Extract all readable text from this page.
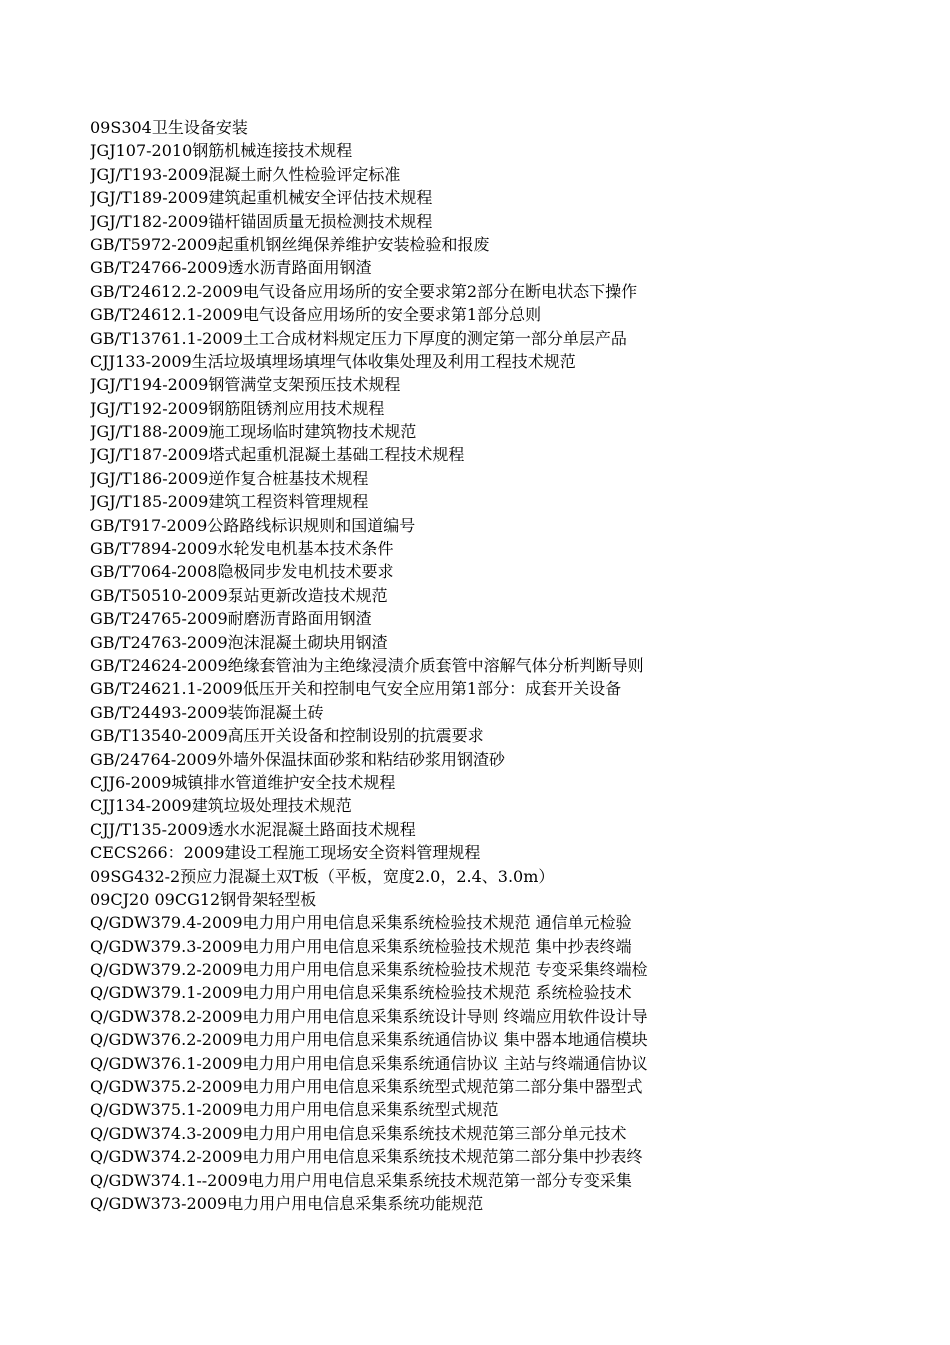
09S304卫生设备安装
JGJ107-2010钢筋机械连接技术规程
JGJ/T193-2009混凝土耐久性检验评定标准
JGJ/T189-2009建筑起重机械安全评估技术规程
JGJ/T182-2009锚杆锚固质量无损检测技术规程
GB/T5972-2009起重机钢丝绳保养维护安装检验和报废
GB/T24766-2009透水沥青路面用钢渣
GB/T24612.2-2009电气设备应用场所的安全要求第2部分在断电状态下操作
GB/T24612.1-2009电气设备应用场所的安全要求第1部分总则
GB/T13761.1-2009土工合成材料规定压力下厚度的测定第一部分单层产品
CJJ133-2009生活垃圾填埋场填埋气体收集处理及利用工程技术规范
JGJ/T194-2009钢管满堂支架预压技术规程
JGJ/T192-2009钢筋阻锈剂应用技术规程
JGJ/T188-2009施工现场临时建筑物技术规范
JGJ/T187-2009塔式起重机混凝土基础工程技术规程
JGJ/T186-2009逆作复合桩基技术规程
JGJ/T185-2009建筑工程资料管理规程
GB/T917-2009公路路线标识规则和国道编号
GB/T7894-2009水轮发电机基本技术条件
GB/T7064-2008隐极同步发电机技术要求
GB/T50510-2009泵站更新改造技术规范
GB/T24765-2009耐磨沥青路面用钢渣
GB/T24763-2009泡沫混凝土砌块用钢渣
GB/T24624-2009绝缘套管油为主绝缘浸渍介质套管中溶解气体分析判断导则
GB/T24621.1-2009低压开关和控制电气安全应用第1部分：成套开关设备
GB/T24493-2009装饰混凝土砖
GB/T13540-2009高压开关设备和控制设别的抗震要求
GB/24764-2009外墙外保温抹面砂浆和粘结砂浆用钢渣砂
CJJ6-2009城镇排水管道维护安全技术规程
CJJ134-2009建筑垃圾处理技术规范
CJJ/T135-2009透水水泥混凝土路面技术规程
CECS266：2009建设工程施工现场安全资料管理规程
09SG432-2预应力混凝土双T板（平板，宽度2.0，2.4、3.0m）
09CJ20 09CG12钢骨架轻型板
Q/GDW379.4-2009电力用户用电信息采集系统检验技术规范 通信单元检验
Q/GDW379.3-2009电力用户用电信息采集系统检验技术规范 集中抄表终端
Q/GDW379.2-2009电力用户用电信息采集系统检验技术规范 专变采集终端检
Q/GDW379.1-2009电力用户用电信息采集系统检验技术规范 系统检验技术
Q/GDW378.2-2009电力用户用电信息采集系统设计导则 终端应用软件设计导
Q/GDW376.2-2009电力用户用电信息采集系统通信协议 集中器本地通信模块
Q/GDW376.1-2009电力用户用电信息采集系统通信协议 主站与终端通信协议
Q/GDW375.2-2009电力用户用电信息采集系统型式规范第二部分集中器型式
Q/GDW375.1-2009电力用户用电信息采集系统型式规范
Q/GDW374.3-2009电力用户用电信息采集系统技术规范第三部分单元技术
Q/GDW374.2-2009电力用户用电信息采集系统技术规范第二部分集中抄表终
Q/GDW374.1--2009电力用户用电信息采集系统技术规范第一部分专变采集
Q/GDW373-2009电力用户用电信息采集系统功能规范
